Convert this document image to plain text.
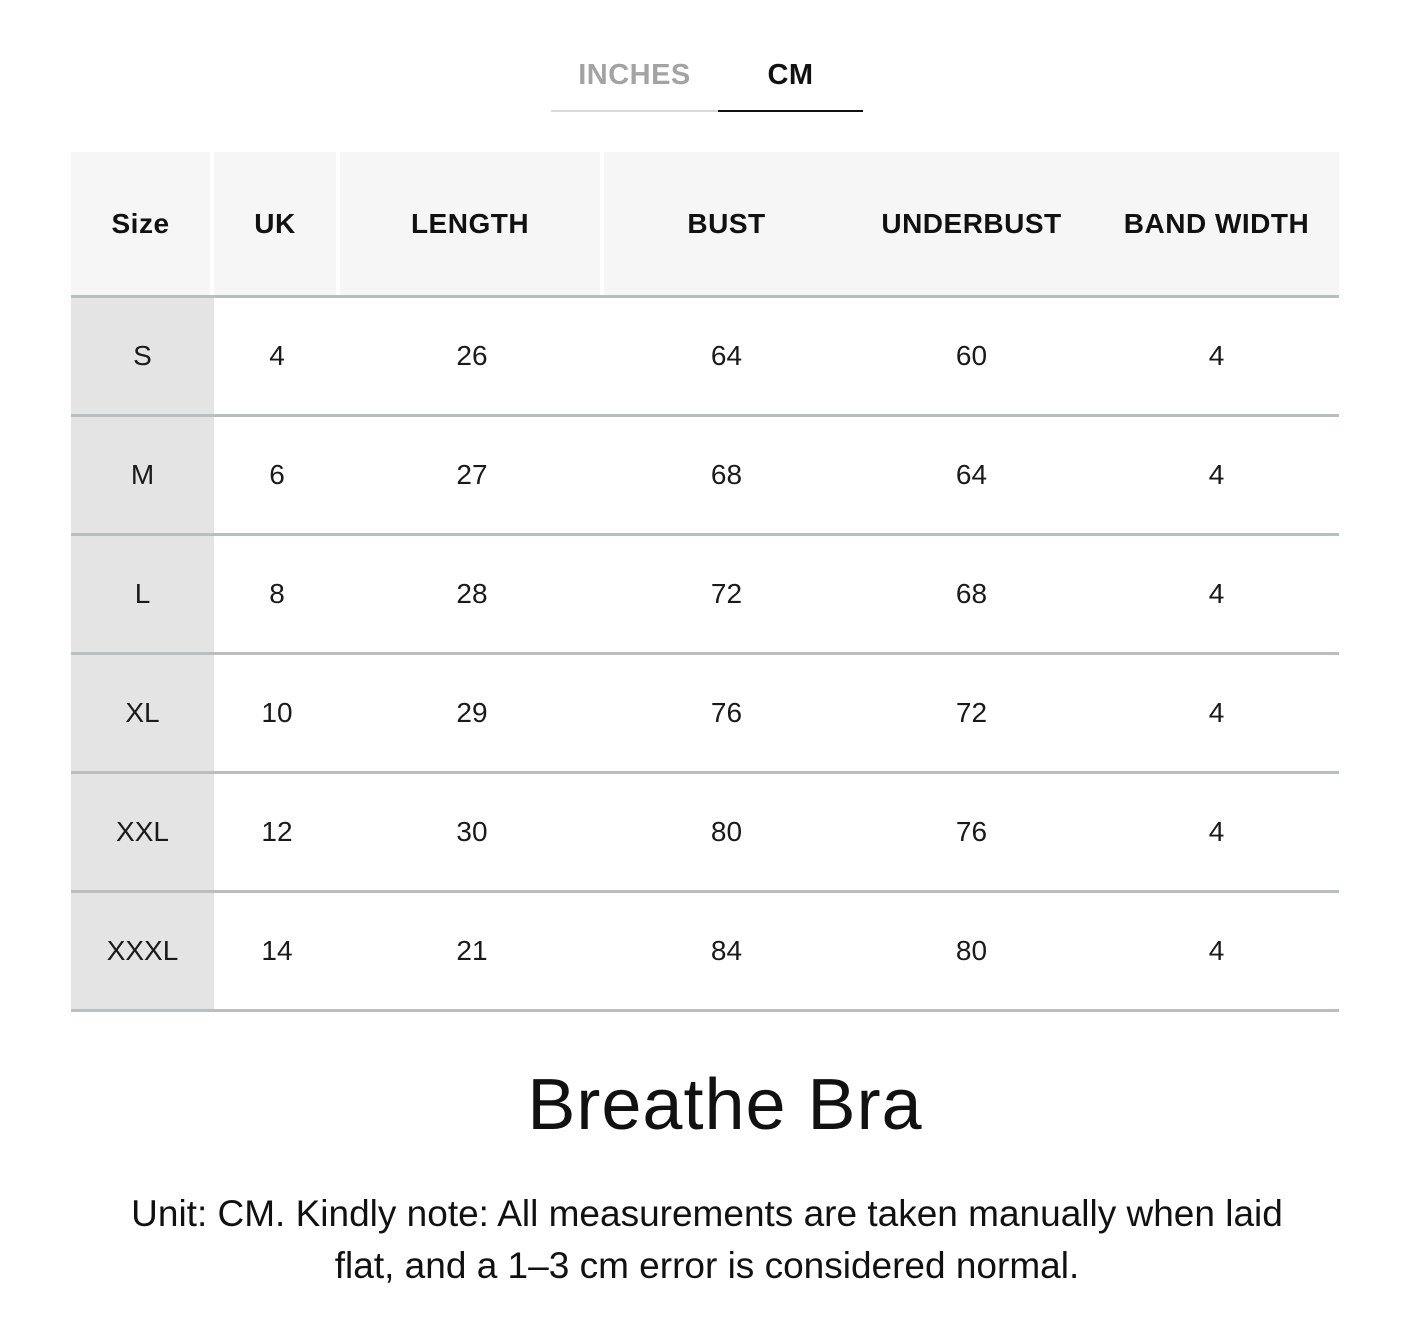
INCHES	CM
Size	UK	LENGTH	BUST	UNDERBUST	BAND WIDTH
S	4	26	64	60	4
M	6	27	68	64	4
L	8	28	72	68	4
XL	10	29	76	72	4
XXL	12	30	80	76	4
XXXL	14	21	84	80	4
Breathe Bra
Unit: CM. Kindly note: All measurements are taken manually when laid
flat, and a 1–3 cm error is considered normal.
